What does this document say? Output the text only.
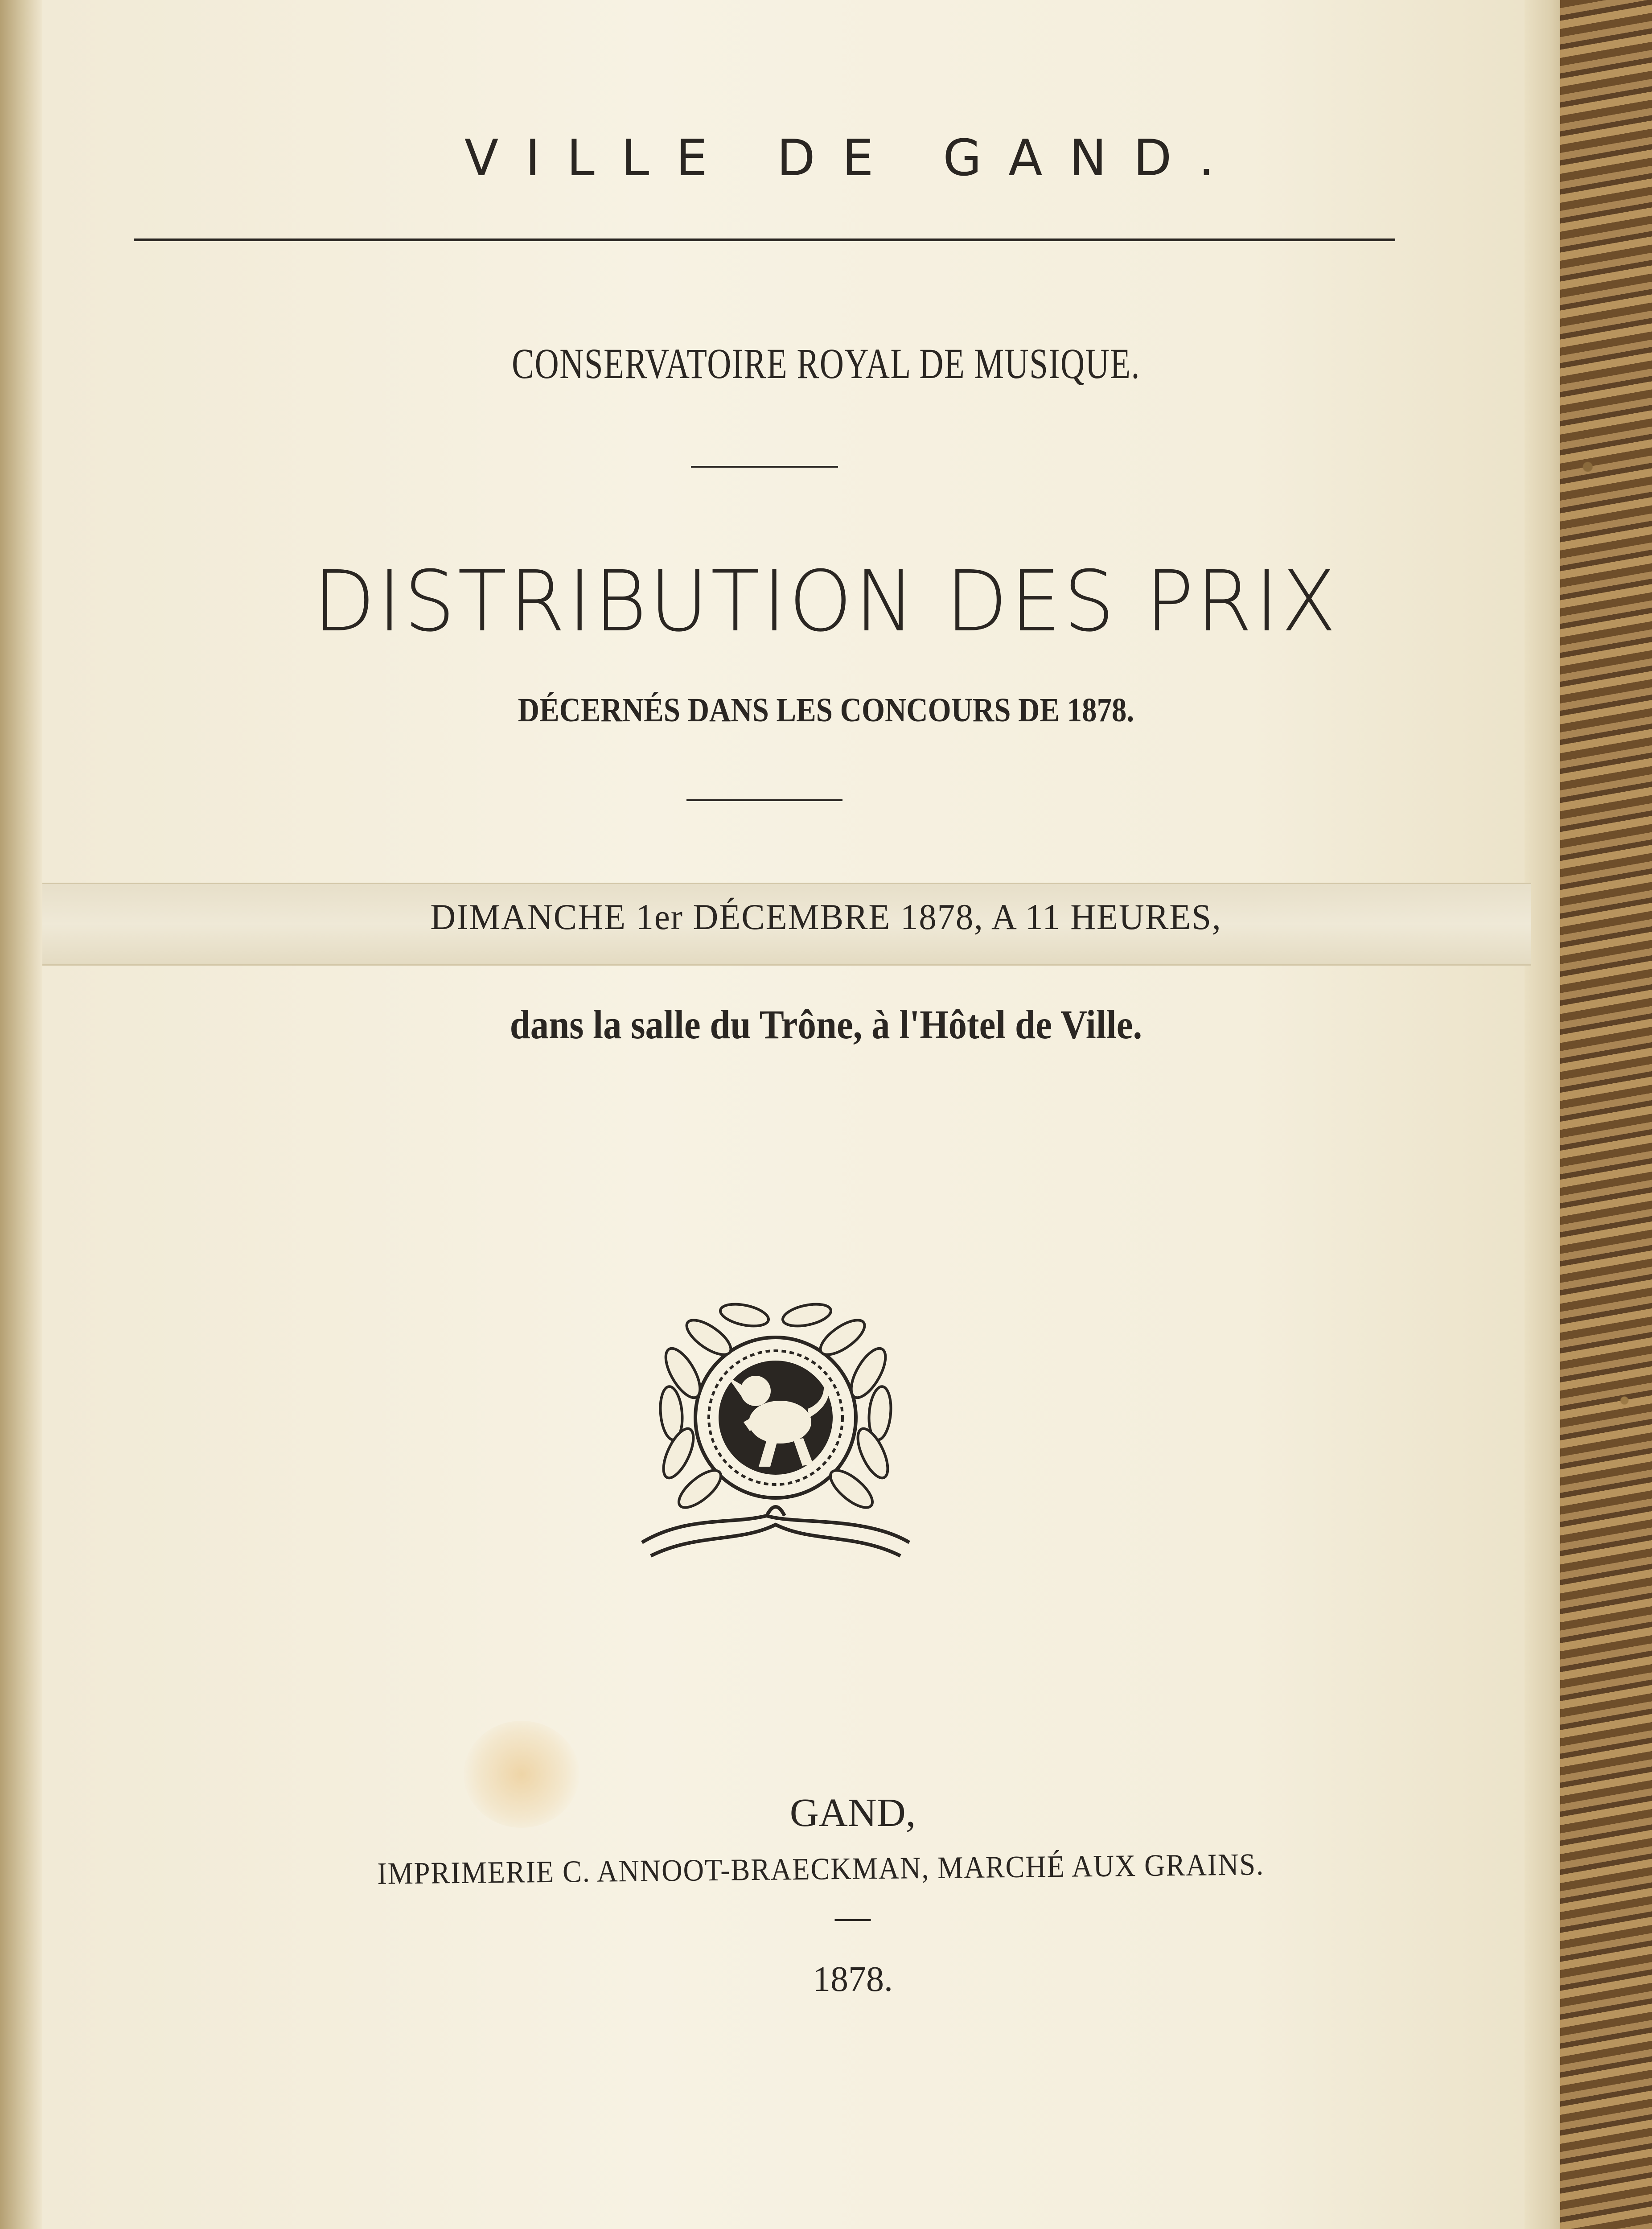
VILLE DE GAND.
CONSERVATOIRE ROYAL DE MUSIQUE.
DISTRIBUTION DES PRIX
DÉCERNÉS DANS LES CONCOURS DE 1878.
DIMANCHE 1er DÉCEMBRE 1878, A 11 HEURES,
dans la salle du Trône, à l'Hôtel de Ville.
GAND,
IMPRIMERIE C. ANNOOT-BRAECKMAN, MARCHÉ AUX GRAINS.
—
1878.
